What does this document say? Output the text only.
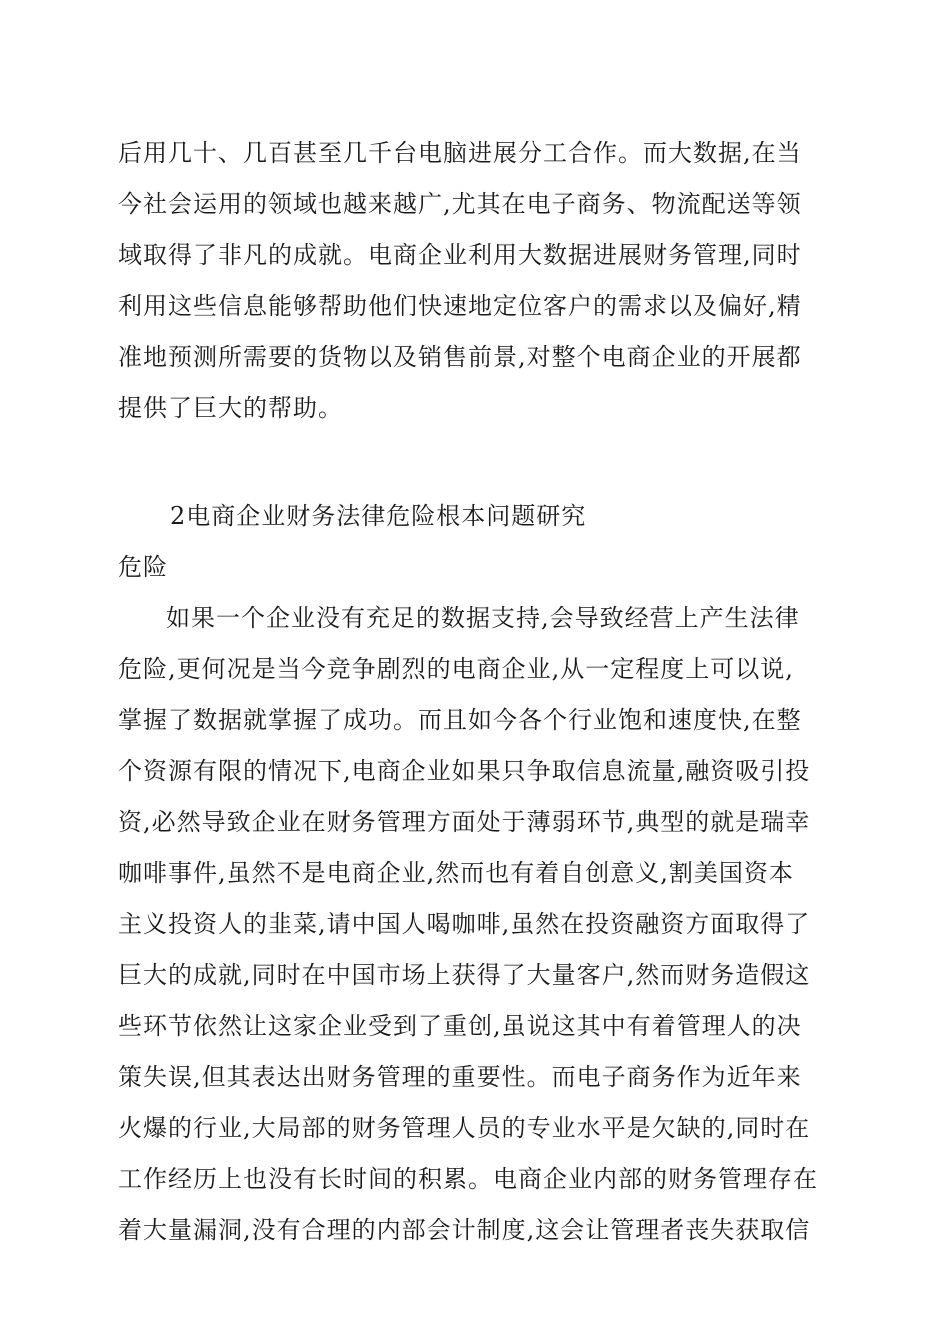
后用几十、几百甚至几千台电脑进展分工合作。而大数据,在当
今社会运用的领域也越来越广,尤其在电子商务、物流配送等领
域取得了非凡的成就。电商企业利用大数据进展财务管理,同时
利用这些信息能够帮助他们快速地定位客户的需求以及偏好,精
准地预测所需要的货物以及销售前景,对整个电商企业的开展都
提供了巨大的帮助。
2电商企业财务法律危险根本问题研究
危险
如果一个企业没有充足的数据支持,会导致经营上产生法律
危险,更何况是当今竞争剧烈的电商企业,从一定程度上可以说,
掌握了数据就掌握了成功。而且如今各个行业饱和速度快,在整
个资源有限的情况下,电商企业如果只争取信息流量,融资吸引投
资,必然导致企业在财务管理方面处于薄弱环节,典型的就是瑞幸
咖啡事件,虽然不是电商企业,然而也有着自创意义,割美国资本
主义投资人的韭菜,请中国人喝咖啡,虽然在投资融资方面取得了
巨大的成就,同时在中国市场上获得了大量客户,然而财务造假这
些环节依然让这家企业受到了重创,虽说这其中有着管理人的决
策失误,但其表达出财务管理的重要性。而电子商务作为近年来
火爆的行业,大局部的财务管理人员的专业水平是欠缺的,同时在
工作经历上也没有长时间的积累。电商企业内部的财务管理存在
着大量漏洞,没有合理的内部会计制度,这会让管理者丧失获取信
